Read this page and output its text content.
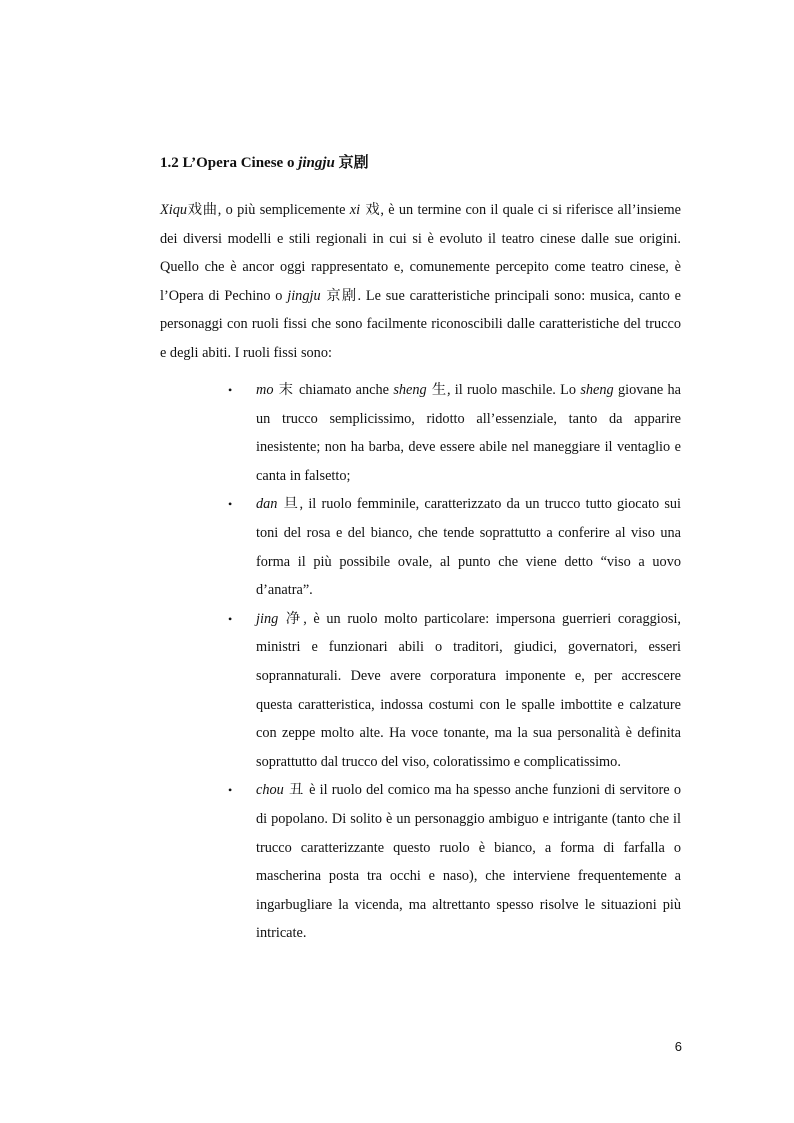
1.2 L’Opera Cinese o jingju 京剧

Xiqu戏曲, o più semplicemente xi 戏, è un termine con il quale ci si riferisce all’insieme dei diversi modelli e stili regionali in cui si è evoluto il teatro cinese dalle sue origini. Quello che è ancor oggi rappresentato e, comunemente percepito come teatro cinese, è l’Opera di Pechino o jingju 京剧. Le sue caratteristiche principali sono: musica, canto e personaggi con ruoli fissi che sono facilmente riconoscibili dalle caratteristiche del trucco e degli abiti. I ruoli fissi sono:

•	mo 末 chiamato anche sheng 生, il ruolo maschile. Lo sheng giovane ha un trucco semplicissimo, ridotto all’essenziale, tanto da apparire inesistente; non ha barba, deve essere abile nel maneggiare il ventaglio e canta in falsetto;
•	dan 旦, il ruolo femminile, caratterizzato da un trucco tutto giocato sui toni del rosa e del bianco, che tende soprattutto a conferire al viso una forma il più possibile ovale, al punto che viene detto “viso a uovo d’anatra”.
•	jing 净, è un ruolo molto particolare: impersona guerrieri coraggiosi, ministri e funzionari abili o traditori, giudici, governatori, esseri soprannaturali. Deve avere corporatura imponente e, per accrescere questa caratteristica, indossa costumi con le spalle imbottite e calzature con zeppe molto alte. Ha voce tonante, ma la sua personalità è definita soprattutto dal trucco del viso, coloratissimo e complicatissimo.
•	chou 丑 è il ruolo del comico ma ha spesso anche funzioni di servitore o di popolano. Di solito è un personaggio ambiguo e intrigante (tanto che il trucco caratterizzante questo ruolo è bianco, a forma di farfalla o mascherina posta tra occhi e naso), che interviene frequentemente a ingarbugliare la vicenda, ma altrettanto spesso risolve le situazioni più intricate.
6
